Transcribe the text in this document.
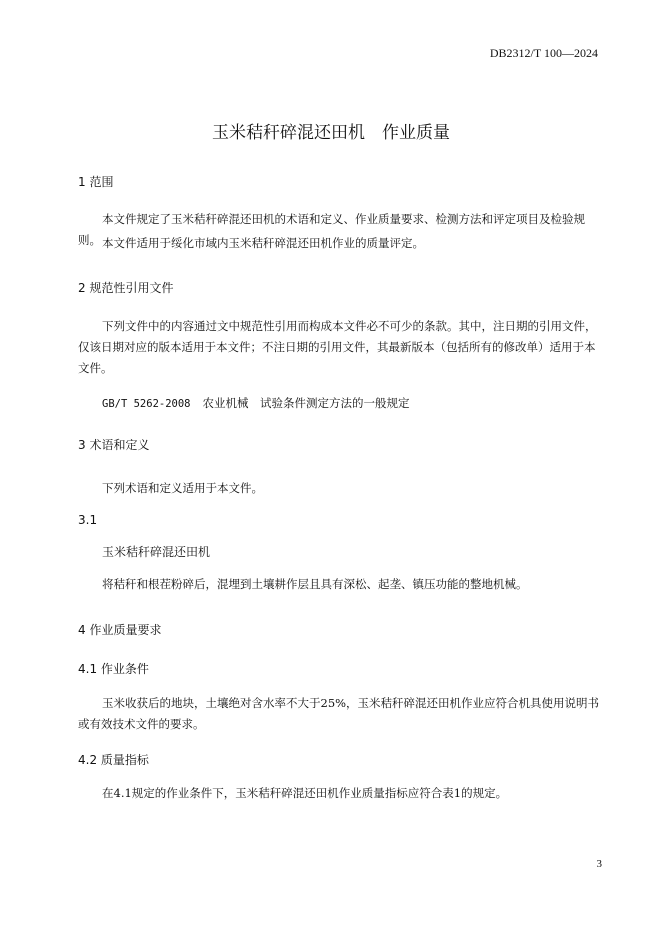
DB2312/T 100—2024
玉米秸秆碎混还田机　作业质量
1 范围
本文件规定了玉米秸秆碎混还田机的术语和定义、作业质量要求、检测方法和评定项目及检验规则。 本文件适用于绥化市域内玉米秸秆碎混还田机作业的质量评定。
2 规范性引用文件
下列文件中的内容通过文中规范性引用而构成本文件必不可少的条款。其中，注日期的引用文件，仅该日期对应的版本适用于本文件；不注日期的引用文件，其最新版本（包括所有的修改单）适用于本文件。
GB/T 5262-2008 农业机械　试验条件测定方法的一般规定
3 术语和定义
下列术语和定义适用于本文件。
3.1
玉米秸秆碎混还田机
将秸秆和根茬粉碎后，混埋到土壤耕作层且具有深松、起垄、镇压功能的整地机械。
4 作业质量要求
4.1 作业条件
玉米收获后的地块，土壤绝对含水率不大于25%，玉米秸秆碎混还田机作业应符合机具使用说明书或有效技术文件的要求。
4.2 质量指标
在4.1规定的作业条件下，玉米秸秆碎混还田机作业质量指标应符合表1的规定。
3
